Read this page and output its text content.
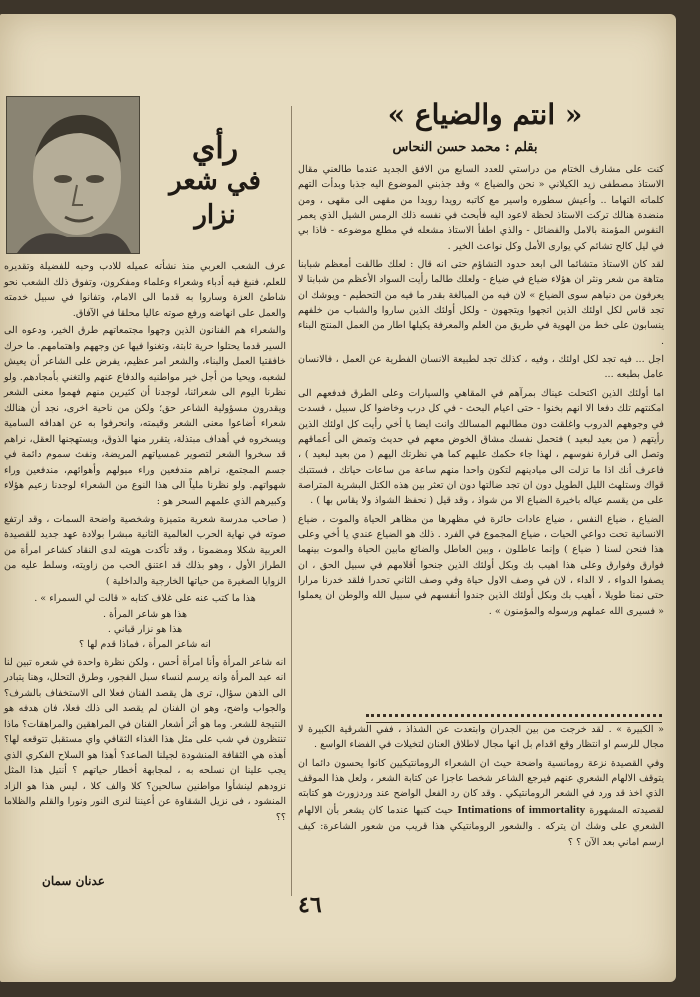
رأي
في شعر نزار

عرف الشعب العربي منذ نشأته عميله للادب وحبه للفضيلة وتقديره للعلم، فنبغ فيه أدباء وشعراء وعلماء ومفكرون، وتفوق ذلك الشعب نحو شاطئ العزة وساروا به قدما الى الامام، وتفانوا في سبيل خدمته والعمل على انهاضه ورفع صوته عاليا محلقا في الآفاق.

والشعراء هم الفنانون الذين وجهوا مجتمعاتهم طرق الخير، ودعوه الى السير قدما يحتلوا حرية ثابتة، وتغنوا فيها عن وجههم واهتمامهم. ما حرك خافقتيا العمل والبناء، والشعر امر عظيم، يفرض على الشاعر أن يعيش لشعبه، ويحيا من أجل خير مواطنيه والدفاع عنهم والتغني بأمجادهم. ولو نظرنا اليوم الى شعرائنا، لوجدنا أن كثيرين منهم فهموا معنى الشعر ويقدرون مسؤولية الشاعر حق؛ ولكن من ناحية اخرى، نجد أن هنالك شعراء أضاعوا معنى الشعر وقيمته، وانحرفوا به عن اهدافه السامية ويسخروه في أهداف مبتذلة، يتقرر منها الذوق، ويستهجنها العقل، نراهم قد سخروا الشعر لتصوير غمسياتهم المريضة، ونفث سموم دائمة في جسم المجتمع، نراهم مندفعين وراء ميولهم وأهوائهم، مندفعين وراء شهواتهم. ولو نظرنا ملياً الى هذا النوع من الشعراء لوجدنا زعيم هؤلاء وكبيرهم الذي علمهم السحر هو :

( صاحب مدرسة شعرية متميزة وشخصية واضحة السمات ، وقد ارتفع صوته في نهاية الحرب العالمية الثانية مبشرا بولادة عهد جديد للقصيدة العربية شكلا ومضمونا ، وقد تأكدت هويته لدى النقاد كشاعر امرأة من الطراز الأول ، وهو بذلك قد اعتنق الحب من زاويته، وسلط عليه من الزوايا الصغيرة من حياتها الخارجية والداخلية )

هذا ما كتب عنه على غلاف كتابه « قالت لي السمراء » .
هذا هو شاعر المرأة .
هذا هو نزار قباني .
انه شاعر المرأة ، فماذا قدم لها ؟

انه شاعر المرأة وأنا امرأة أحس ، ولكن نظرة واحدة في شعره تبين لنا انه عبد المرأة وانه يرسم لنساء سبل الفجور، وطرق التحلل، وهنا يتبادر الى الذهن سؤال، ترى هل يقصد الفنان فعلا الى الاستخفاف بالشرف؟ والجواب واضح، وهو ان الفنان لم يقصد الى ذلك فعلا، فان هدفه هو النتيجة للشعر. وما هو أثر أشعار الفنان في المراهقين والمراهقات؟ ماذا تنتظرون في شب على مثل هذا الغذاء الثقافي واي مستقبل تتوقعه لها؟ أهذه هي الثقافة المنشودة لجيلنا الصاعد؟ أهذا هو السلاح الفكري الذي يجب علينا ان نسلحه به ، لمجابهة أخطار حياتهم ؟ أنتيل هذا المثل نزودهم لينشأوا مواطنين سالحين؟ كلا والف كلا ، ليس هذا هو الزاد المنشود ، فى نزيل الشقاوة عن أعيننا لنرى النور ونورا والقلم والظلاما ؟؟

عدنان سمان
« انتم والضياع »
بقلم : محمد حسن النحاس

كنت على مشارف الختام من دراستي للعدد السابع من الافق الجديد عندما طالعني مقال الاستاذ مصطفى زيد الكيلاني « نحن والضياع » وقد جذبني الموضوع اليه جذبا وبدأت التهم كلماته التهاما .. وأعيش سطوره واسير مع كاتبه رويدا رويدا من مقهى الى مقهى ، ومن منضدة هنالك تركت الاستاذ لحظة لاعود اليه فأبحث في نفسه ذلك الرمس الشيل الذي يعمر النفوس المؤمنة بالامل والفضائل - والذي اطفأ الاستاذ مشعله في مطلع موضوعه - فاذا بي في ليل كالح تشائم كي يوارى الأمل وكل نواعث الخير .

لقد كان الاستاذ متشائما الى ابعد حدود التشاؤم حتى انه قال : لعلك طالقت أمعظم شبابنا متاهة من شعر ونثر ان هؤلاء ضياع في ضياع - ولعلك طالما رأيت السواد الأعظم من شبابنا لا يعرفون من دنياهم سوى الضياع » لان فيه من المبالغة بقدر ما فيه من التحطيم - ويوشك ان تجد قاس لكل اولئك الذين اتجهوا ويتجهون - ولكل أولئك الذين ساروا والشباب من خلفهم ينسابون على خط من الهوية في طريق من العلم والمعرفة يكيلها اطار من العمل المنتج البناء .

اجل ... فيه تجد لكل اولئك ، وفيه ، كذلك تجد لطبيعة الانسان الفطرية عن العمل ، فالانسان عامل بطبعه ...

اما أولئك الذين اكتحلت عيناك بمرآهم في المقاهي والسيارات وعلى الطرق فدفعهم الى امكنتهم تلك دفعا الا انهم بخنوا - حتى اعيام البحث - في كل درب وخاضوا كل سبيل ، فسدت في وجوههم الدروب واغلقت دون مطالبهم المسالك وانت ايضا يا أخي رأيت كل اولئك الذين رأيتهم ( من بعيد لبعيد ) فتحمل نفسك مشاق الخوض معهم في حديث وتمض الى أعماقهم وتصل الى قرارة نفوسهم ، لهذا جاء حكمك عليهم كما هي نظرتك اليهم ( من بعيد لبعيد ) ، فاعرف أنك اذا ما تزلت الى ميادينهم لتكون واحدا منهم ساعة من ساعات حياتك ، فستتبك قواك وستلهث الليل الطويل دون ان تجد ضالتها دون ان تعثر بين هذه الكتل البشرية المتراصة على من يقسم عياله باخيرة الضياع الا من شواذ ، وقد قيل ( نحفظ الشواذ ولا يقاس بها ) .

الضياع ، ضياع النفس ، ضياع عادات حائرة في مظهرها من مظاهر الحياة والموت ، ضياع الانسانية تحت دواعي الحيات ، ضياع المجموع في الفرد . ذلك هو الضياع عندي يا أخي وعلى هذا فنحن لسنا ( ضياع ) وإنما عاطلون ، وبين العاطل والضائع مابين الحياة والموت بينهما فوارق وفوارق وعلى هذا اهيب بك وبكل أولئك الذين جنحوا أقلامهم في سبيل الحق ، ان يصفوا الدواء ، لا الداء ، لان في وصف الاول حياة وفي وصف الثاني تحدرا فلقد خدرنا مرارا حتى نمنا طويلا ، أهيب بك وبكل أولئك الذين جندوا أنفسهم في سبيل الله والوطن ان يعملوا « فسيرى الله عملهم ورسوله والمؤمنون » .

« الكبيرة » . لقد خرجت من بين الجدران وابتعدت عن الشذاذ ، ففي الشرقية الكبيرة لا مجال للرسم او انتظار وقع اقدام بل انها مجال لاطلاق العنان لتخيلات في الفضاء الواسع .

وفي القصيدة نزعة رومانسية واضحة حيث ان الشعراء الرومانتيكيين كانوا يحسون دائما ان يتوقف الالهام الشعري عنهم فيرجع الشاعر شخصا عاجزا عن كتابة الشعر ، ولعل هذا الموقف الذي اخذ قد ورد في الشعر الرومانتيكي . وقد كان رد الفعل الواضح عند وردزورث هو كتابته لقصيدته المشهورة Intimations of immortality حيث كتبها عندما كان يشعر بأن الالهام الشعري على وشك ان يتركه . والشعور الرومانتيكي هذا قريب من شعور الشاعرة: كيف ارسم اماني بعد الآن ؟ ؟

٤٦
